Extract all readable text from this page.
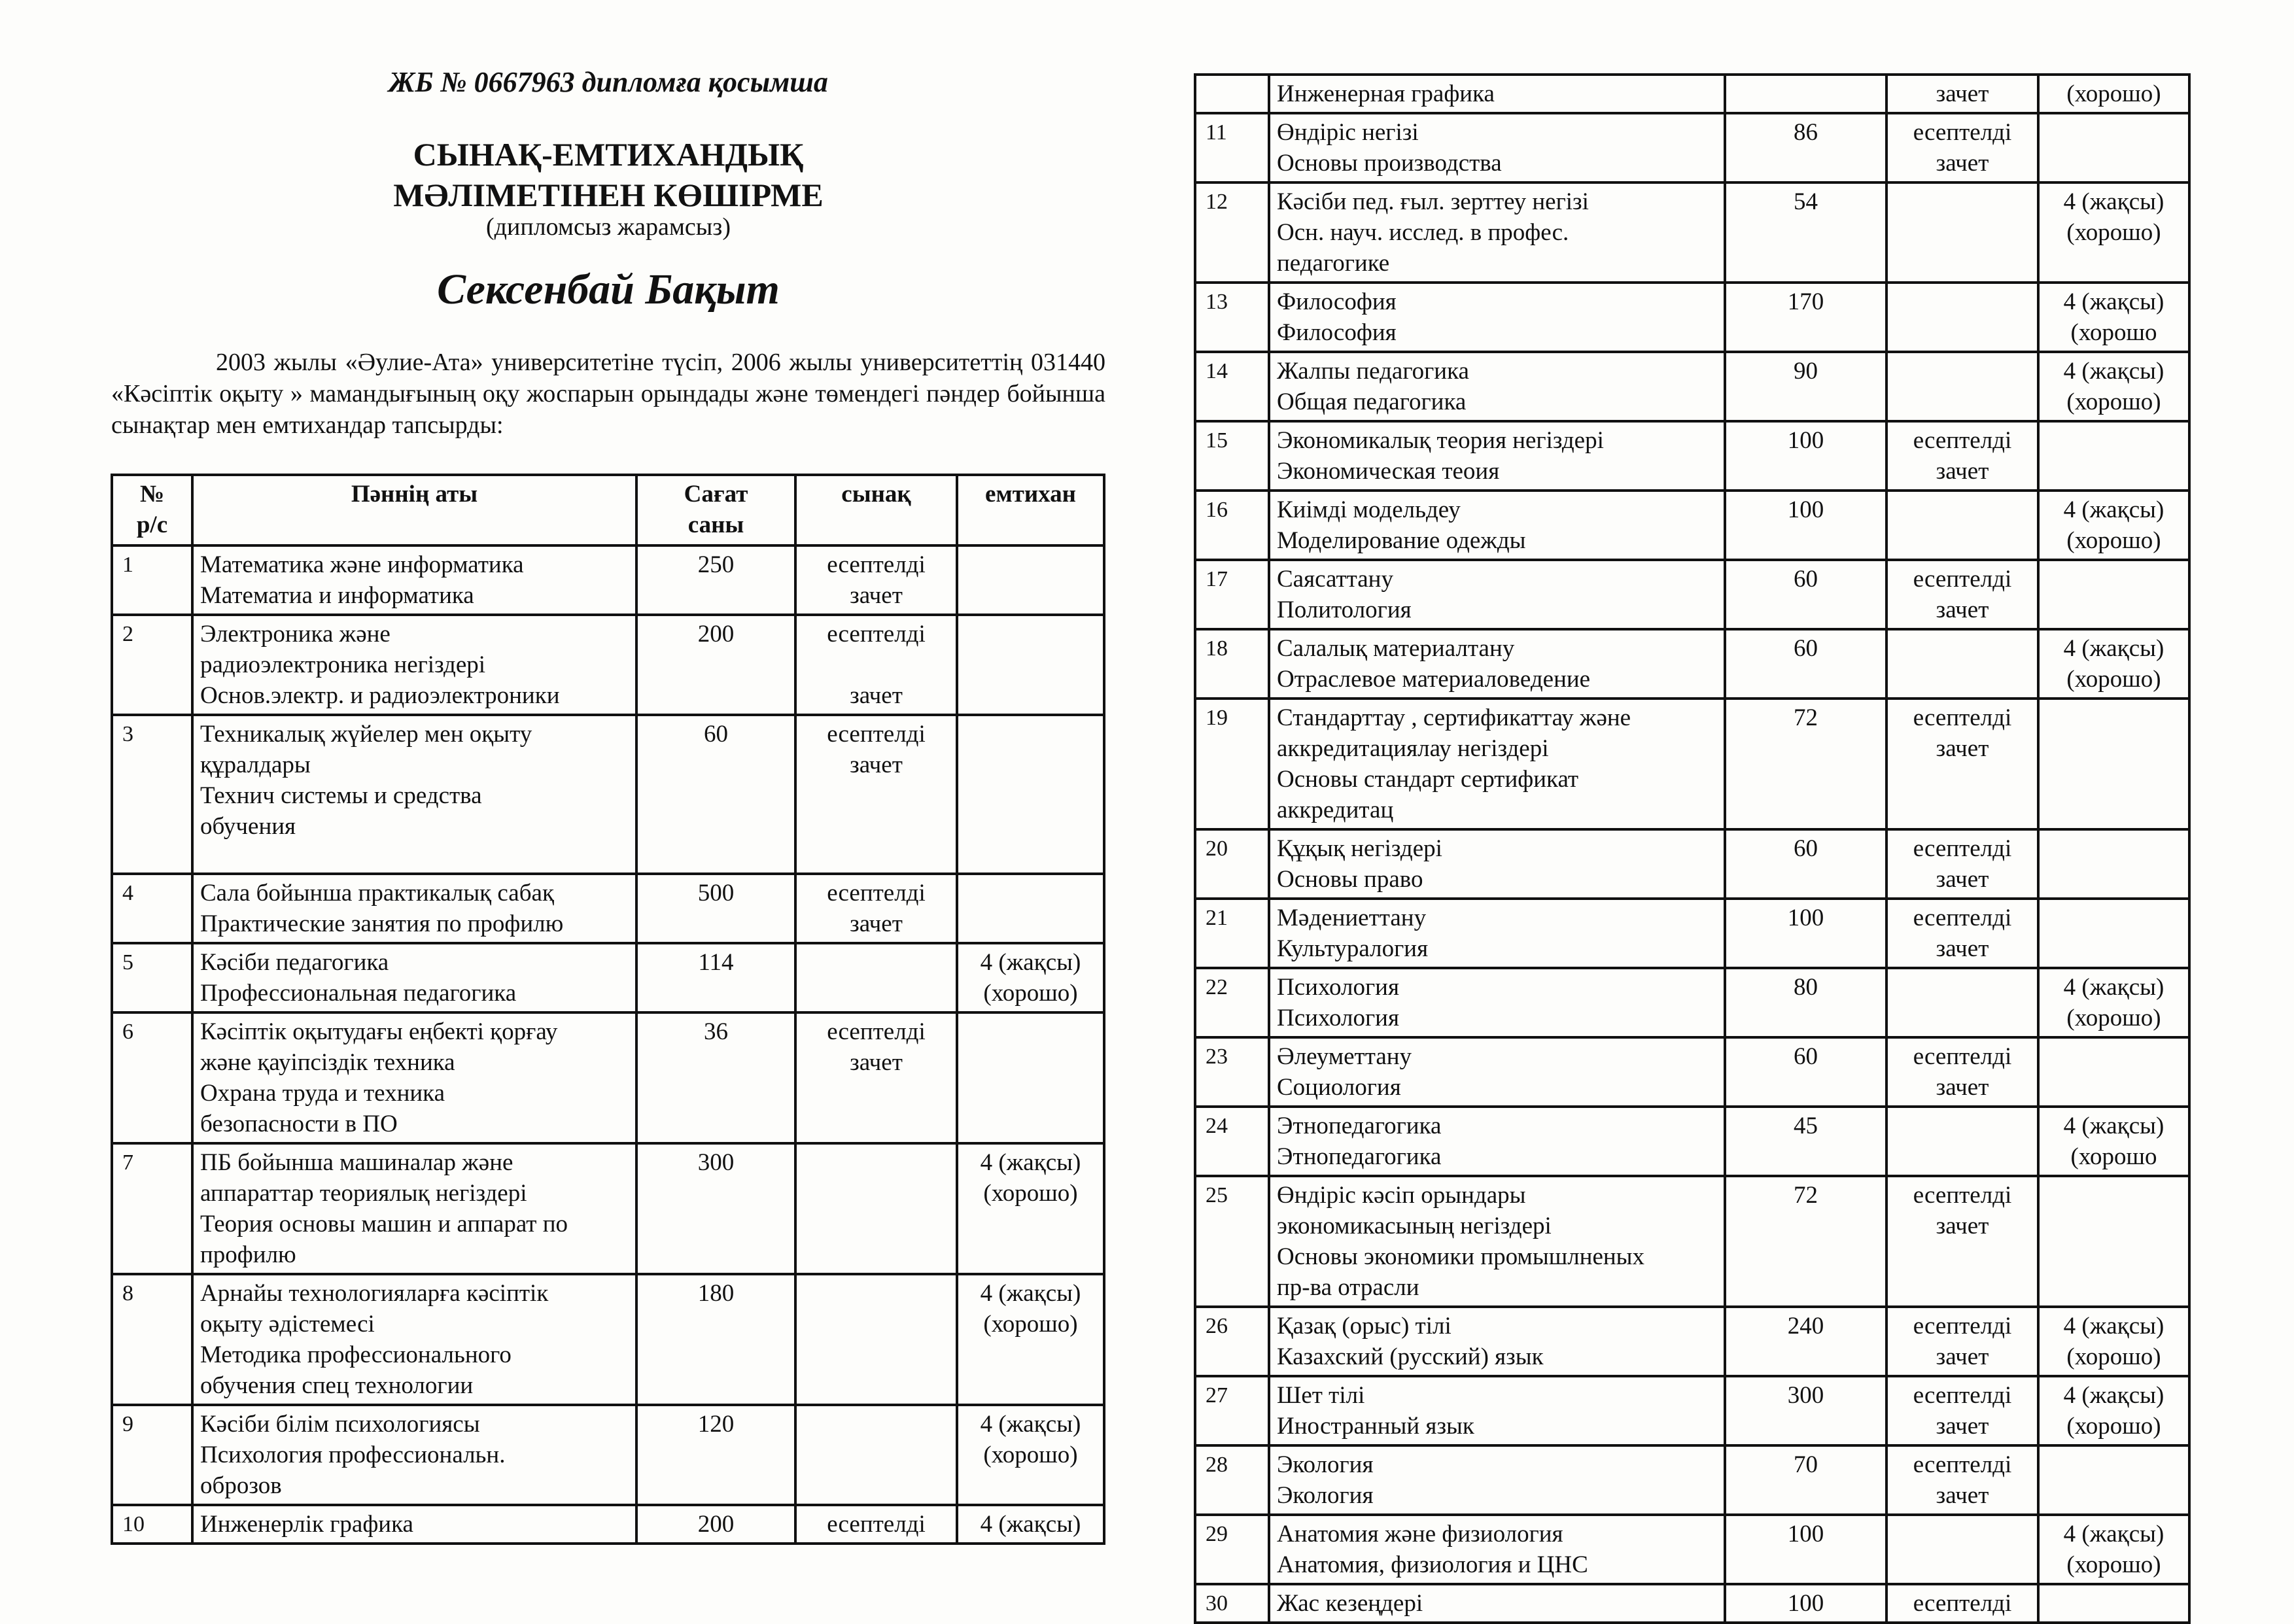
ЖБ № 0667963 дипломға қосымша
СЫНАҚ-ЕМТИХАНДЫҚ
МӘЛІМЕТІНЕН КӨШІРМЕ
(дипломсыз жарамсыз)
Сексенбай Бақыт
2003 жылы «Әулие-Ата» университетіне түсіп, 2006 жылы университеттің 031440 «Кәсіптік оқыту » мамандығының оқу жоспарын орындады және төмендегі пәндер бойынша сынақтар мен емтихандар тапсырды:
№
р/с	Пәннің аты	Сағат
саны	сынақ	емтихан
1	Математика және информатика
Математиа и информатика	250	есептелді
зачет	
2	Электроника және
радиоэлектроника негіздері
Основ.электр. и радиоэлектроники	200	есептелді

зачет	
3	Техникалық жүйелер мен оқыту
құралдары
Технич системы и средства
обучения	60	есептелді
зачет	
4	Сала бойынша практикалық сабақ
Практические занятия по профилю	500	есептелді
зачет	
5	Кәсіби педагогика
Профессиональная педагогика	114		4 (жақсы)
(хорошо)
6	Кәсіптік оқытудағы еңбекті қорғау
және қауіпсіздік техника
Охрана труда и техника
безопасности в ПО	36	есептелді
зачет	
7	ПБ бойынша машиналар және
аппараттар теориялық негіздері
Теория основы машин и аппарат по
профилю	300		4 (жақсы)
(хорошо)
8	Арнайы технологияларға кәсіптік
оқыту әдістемесі
Методика профессионального
обучения спец технологии	180		4 (жақсы)
(хорошо)
9	Кәсіби білім психологиясы
Психология профессиональн.
оброзов	120		4 (жақсы)
(хорошо)
10	Инженерлік графика	200	есептелді	4 (жақсы)
	Инженерная графика		зачет	(хорошо)
11	Өндіріс негізі
Основы производства	86	есептелді
зачет	
12	Кәсіби пед. ғыл. зерттеу негізі
Осн. науч. исслед. в профес.
педагогике	54		4 (жақсы)
(хорошо)
13	Философия
Философия	170		4 (жақсы)
(хорошо
14	Жалпы педагогика
Общая педагогика	90		4 (жақсы)
(хорошо)
15	Экономикалық теория негіздері
Экономическая теоия	100	есептелді
зачет	
16	Киімді модельдеу
Моделирование одежды	100		4 (жақсы)
(хорошо)
17	Саясаттану
Политология	60	есептелді
зачет	
18	Салалық материалтану
Отраслевое материаловедение	60		4 (жақсы)
(хорошо)
19	Стандарттау , сертификаттау және
аккредитациялау негіздері
Основы стандарт сертификат
аккредитац	72	есептелді
зачет	
20	Құқық негіздері
Основы право	60	есептелді
зачет	
21	Мәдениеттану
Культуралогия	100	есептелді
зачет	
22	Психология
Психология	80		4 (жақсы)
(хорошо)
23	Әлеуметтану
Социология	60	есептелді
зачет	
24	Этнопедагогика
Этнопедагогика	45		4 (жақсы)
(хорошо
25	Өндіріс кәсіп орындары
экономикасының негіздері
Основы экономики промышлненых
пр-ва отрасли	72	есептелді
зачет	
26	Қазақ (орыс) тілі
Казахский (русский) язык	240	есептелді
зачет	4 (жақсы)
(хорошо)
27	Шет тілі
Иностранный язык	300	есептелді
зачет	4 (жақсы)
(хорошо)
28	Экология
Экология	70	есептелді
зачет	
29	Анатомия және физиология
Анатомия, физиология и ЦНС	100		4 (жақсы)
(хорошо)
30	Жас кезеңдері	100	есептелді	
